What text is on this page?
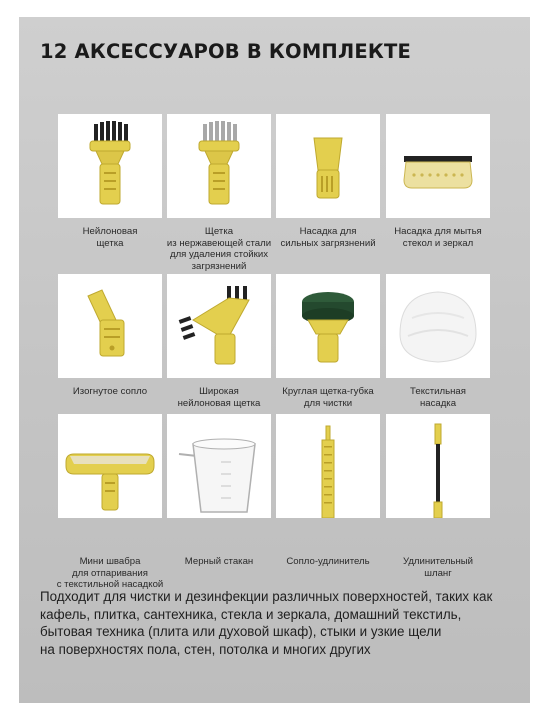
12 АКСЕССУАРОВ В КОМПЛЕКТЕ
Нейлоновая
щетка
Щетка
из нержавеющей стали
для удаления стойких
загрязнений
Насадка для
сильных загрязнений
Насадка для мытья
стекол и зеркал
Изогнутое сопло	Широкая
нейлоновая щетка
Круглая щетка-губка
для чистки
Текстильная
насадка
Мини швабра
для отпаривания
с текстильной насадкой
Мерный стакан	Сопло-удлинитель	Удлинительный
шланг
Подходит для чистки и дезинфекции различных поверхностей, таких как
кафель, плитка, сантехника, стекла и зеркала, домашний текстиль,
бытовая техника (плита или духовой шкаф), стыки и узкие щели
на поверхностях пола, стен, потолка и многих других
